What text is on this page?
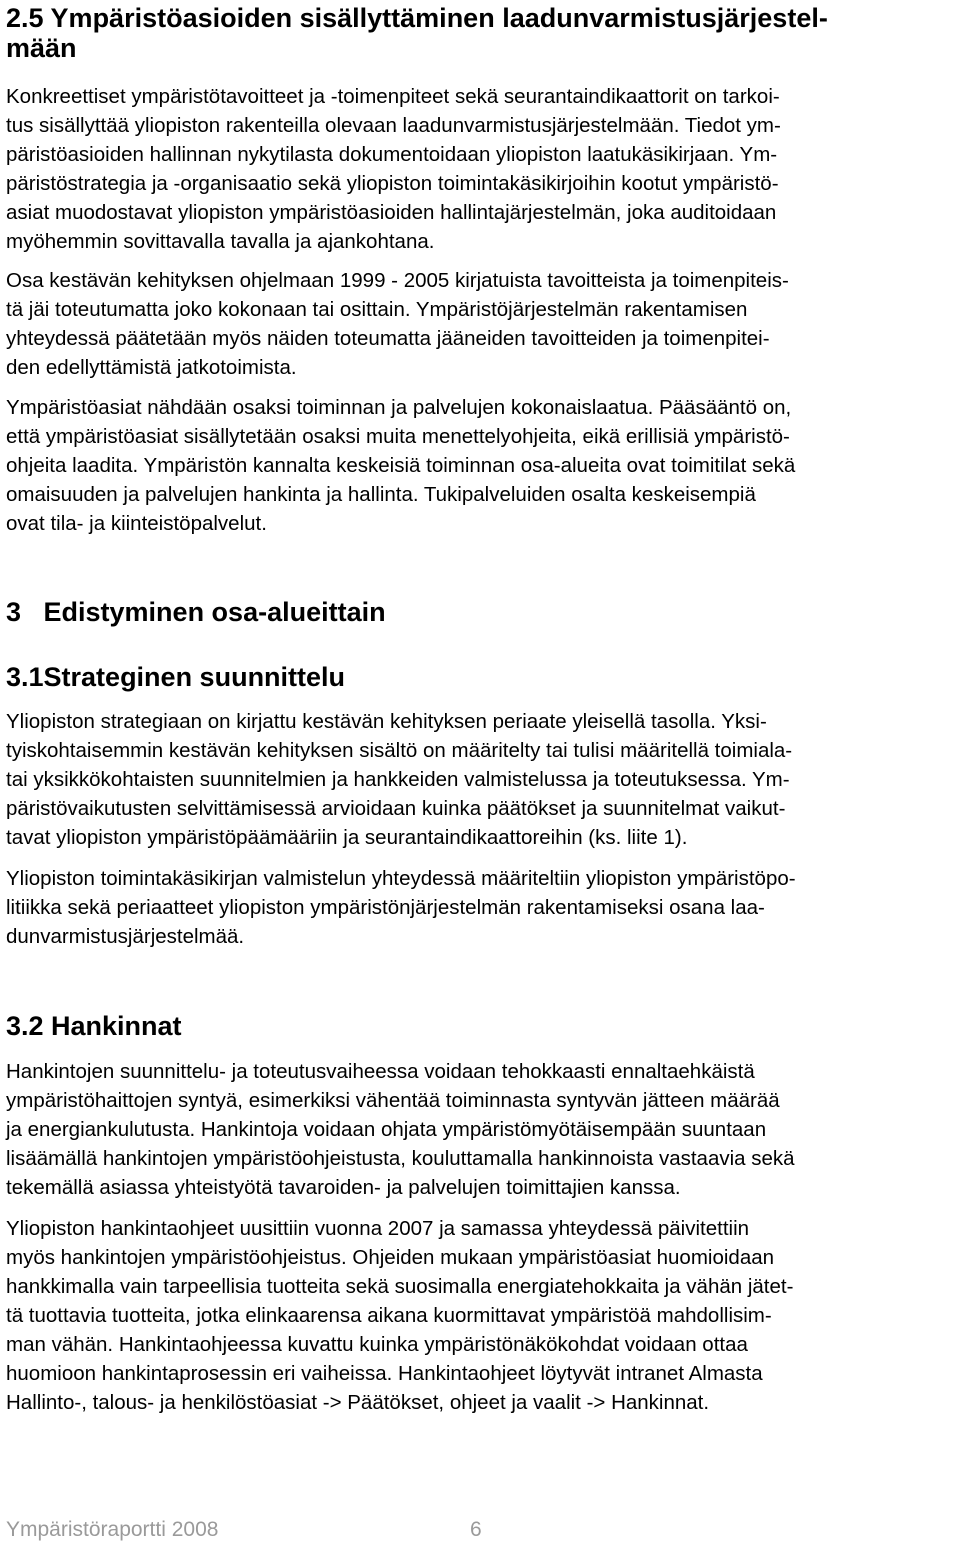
2.5 Ympäristöasioiden sisällyttäminen laadunvarmistusjärjestel-
mään
Konkreettiset ympäristötavoitteet ja -toimenpiteet sekä seurantaindikaattorit on tarkoi-
tus sisällyttää yliopiston rakenteilla olevaan laadunvarmistusjärjestelmään. Tiedot ym-
päristöasioiden hallinnan nykytilasta dokumentoidaan yliopiston laatukäsikirjaan. Ym-
päristöstrategia ja -organisaatio sekä yliopiston toimintakäsikirjoihin kootut ympäristö-
asiat muodostavat yliopiston ympäristöasioiden hallintajärjestelmän, joka auditoidaan
myöhemmin sovittavalla tavalla ja ajankohtana.
Osa kestävän kehityksen ohjelmaan 1999 - 2005 kirjatuista tavoitteista ja toimenpiteis-
tä jäi toteutumatta joko kokonaan tai osittain. Ympäristöjärjestelmän rakentamisen
yhteydessä päätetään myös näiden toteumatta jääneiden tavoitteiden ja toimenpitei-
den edellyttämistä jatkotoimista.
Ympäristöasiat nähdään osaksi toiminnan ja palvelujen kokonaislaatua. Pääsääntö on,
että ympäristöasiat sisällytetään osaksi muita menettelyohjeita, eikä erillisiä ympäristö-
ohjeita laadita. Ympäristön kannalta keskeisiä toiminnan osa-alueita ovat toimitilat sekä
omaisuuden ja palvelujen hankinta ja hallinta. Tukipalveluiden osalta keskeisempiä
ovat tila- ja kiinteistöpalvelut.
3   Edistyminen osa-alueittain
3.1Strateginen suunnittelu
Yliopiston strategiaan on kirjattu kestävän kehityksen periaate yleisellä tasolla. Yksi-
tyiskohtaisemmin kestävän kehityksen sisältö on määritelty tai tulisi määritellä toimiala-
tai yksikkökohtaisten suunnitelmien ja hankkeiden valmistelussa ja toteutuksessa. Ym-
päristövaikutusten selvittämisessä arvioidaan kuinka päätökset ja suunnitelmat vaikut-
tavat yliopiston ympäristöpäämääriin ja seurantaindikaattoreihin (ks. liite 1).
Yliopiston toimintakäsikirjan valmistelun yhteydessä määriteltiin yliopiston ympäristöpo-
litiikka sekä periaatteet yliopiston ympäristönjärjestelmän rakentamiseksi osana laa-
dunvarmistusjärjestelmää.
3.2 Hankinnat
Hankintojen suunnittelu- ja toteutusvaiheessa voidaan tehokkaasti ennaltaehkäistä
ympäristöhaittojen syntyä, esimerkiksi vähentää toiminnasta syntyvän jätteen määrää
ja energiankulutusta. Hankintoja voidaan ohjata ympäristömyötäisempään suuntaan
lisäämällä hankintojen ympäristöohjeistusta, kouluttamalla hankinnoista vastaavia sekä
tekemällä asiassa yhteistyötä tavaroiden- ja palvelujen toimittajien kanssa.
Yliopiston hankintaohjeet uusittiin vuonna 2007 ja samassa yhteydessä päivitettiin
myös hankintojen ympäristöohjeistus. Ohjeiden mukaan ympäristöasiat huomioidaan
hankkimalla vain tarpeellisia tuotteita sekä suosimalla energiatehokkaita ja vähän jätet-
tä tuottavia tuotteita, jotka elinkaarensa aikana kuormittavat ympäristöä mahdollisim-
man vähän. Hankintaohjeessa kuvattu kuinka ympäristönäkökohdat voidaan ottaa
huomioon hankintaprosessin eri vaiheissa. Hankintaohjeet löytyvät intranet Almasta
Hallinto-, talous- ja henkilöstöasiat -> Päätökset, ohjeet ja vaalit -> Hankinnat.
Ympäristöraportti 2008	6
